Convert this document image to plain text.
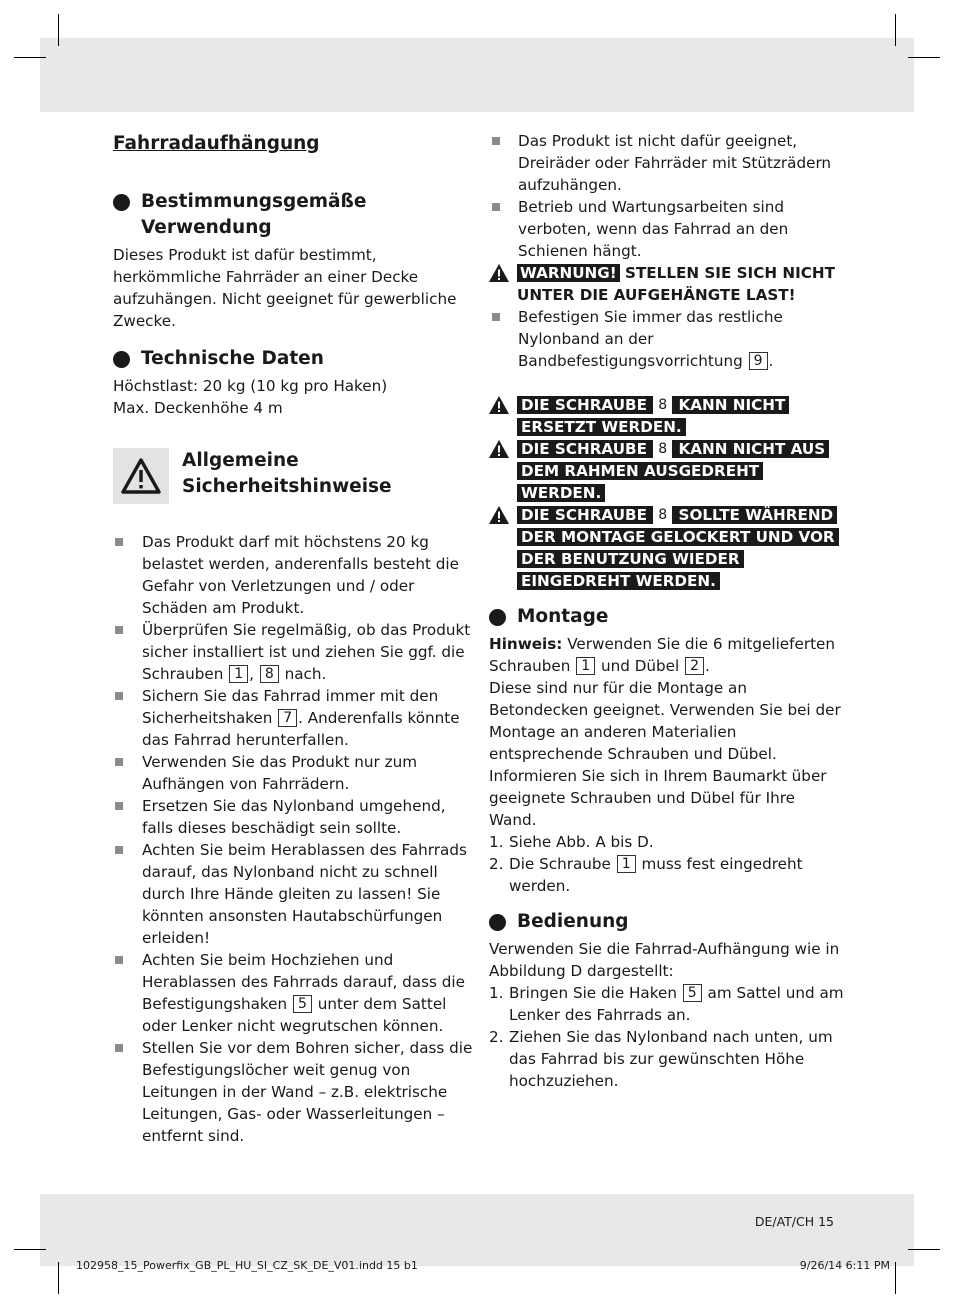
Fahrradaufhängung
Bestimmungsgemäße Verwendung

Dieses Produkt ist dafür bestimmt, herkömmliche Fahrräder an einer Decke aufzuhängen. Nicht geeignet für gewerbliche Zwecke.

Technische Daten

Höchstlast: 20 kg (10 kg pro Haken)

Max. Deckenhöhe 4 m

Allgemeine Sicherheitshinweise
Das Produkt darf mit höchstens 20 kg belastet werden, anderenfalls besteht die Gefahr von Verletzungen und / oder Schäden am Produkt.
Überprüfen Sie regelmäßig, ob das Produkt sicher installiert ist und ziehen Sie ggf. die Schrauben 1 , 8 nach.
Sichern Sie das Fahrrad immer mit den Sicherheitshaken 7 . Anderenfalls könnte das Fahrrad herunterfallen.
Verwenden Sie das Produkt nur zum Aufhängen von Fahrrädern.
Ersetzen Sie das Nylonband umgehend, falls dieses beschädigt sein sollte.
Achten Sie beim Herablassen des Fahrrads darauf, das Nylonband nicht zu schnell durch Ihre Hände gleiten zu lassen! Sie könnten ansonsten Hautabschürfungen erleiden!
Achten Sie beim Hochziehen und Herablassen des Fahrrads darauf, dass die Befestigungshaken 5 unter dem Sattel oder Lenker nicht wegrutschen können.
Stellen Sie vor dem Bohren sicher, dass die Befestigungslöcher weit genug von Leitungen in der Wand – z.B. elektrische Leitungen, Gas- oder Wasserleitungen – entfernt sind.
Das Produkt ist nicht dafür geeignet, Dreiräder oder Fahrräder mit Stützrädern aufzuhängen.
Betrieb und Wartungsarbeiten sind verboten, wenn das Fahrrad an den Schienen hängt.
WARNUNG! STELLEN SIE SICH NICHT UNTER DIE AUFGEHÄNGTE LAST!
Befestigen Sie immer das restliche Nylonband an der Bandbefestigungsvorrichtung 9 .
DIE SCHRAUBE 8 KANN NICHT ERSETZT WERDEN.
DIE SCHRAUBE 8 KANN NICHT AUS DEM RAHMEN AUSGEDREHT WERDEN.
DIE SCHRAUBE 8 SOLLTE WÄHREND DER MONTAGE GELOCKERT UND VOR DER BENUTZUNG WIEDER EINGEDREHT WERDEN.
Montage

Hinweis: Verwenden Sie die 6 mitgelieferten Schrauben 1 und Dübel 2 .

Diese sind nur für die Montage an Betondecken geeignet. Verwenden Sie bei der Montage an anderen Materialien entsprechende Schrauben und Dübel. Informieren Sie sich in Ihrem Baumarkt über geeignete Schrauben und Dübel für Ihre Wand.

1. Siehe Abb. A bis D.
2. Die Schraube 1 muss fest eingedreht werden.
Bedienung

Verwenden Sie die Fahrrad-Aufhängung wie in Abbildung D dargestellt:

1. Bringen Sie die Haken 5 am Sattel und am Lenker des Fahrrads an.
2. Ziehen Sie das Nylonband nach unten, um das Fahrrad bis zur gewünschten Höhe hochzuziehen.
DE/AT/CH 15
102958_15_Powerfix_GB_PL_HU_SI_CZ_SK_DE_V01.indd 15 b1	9/26/14 6:11 PM
